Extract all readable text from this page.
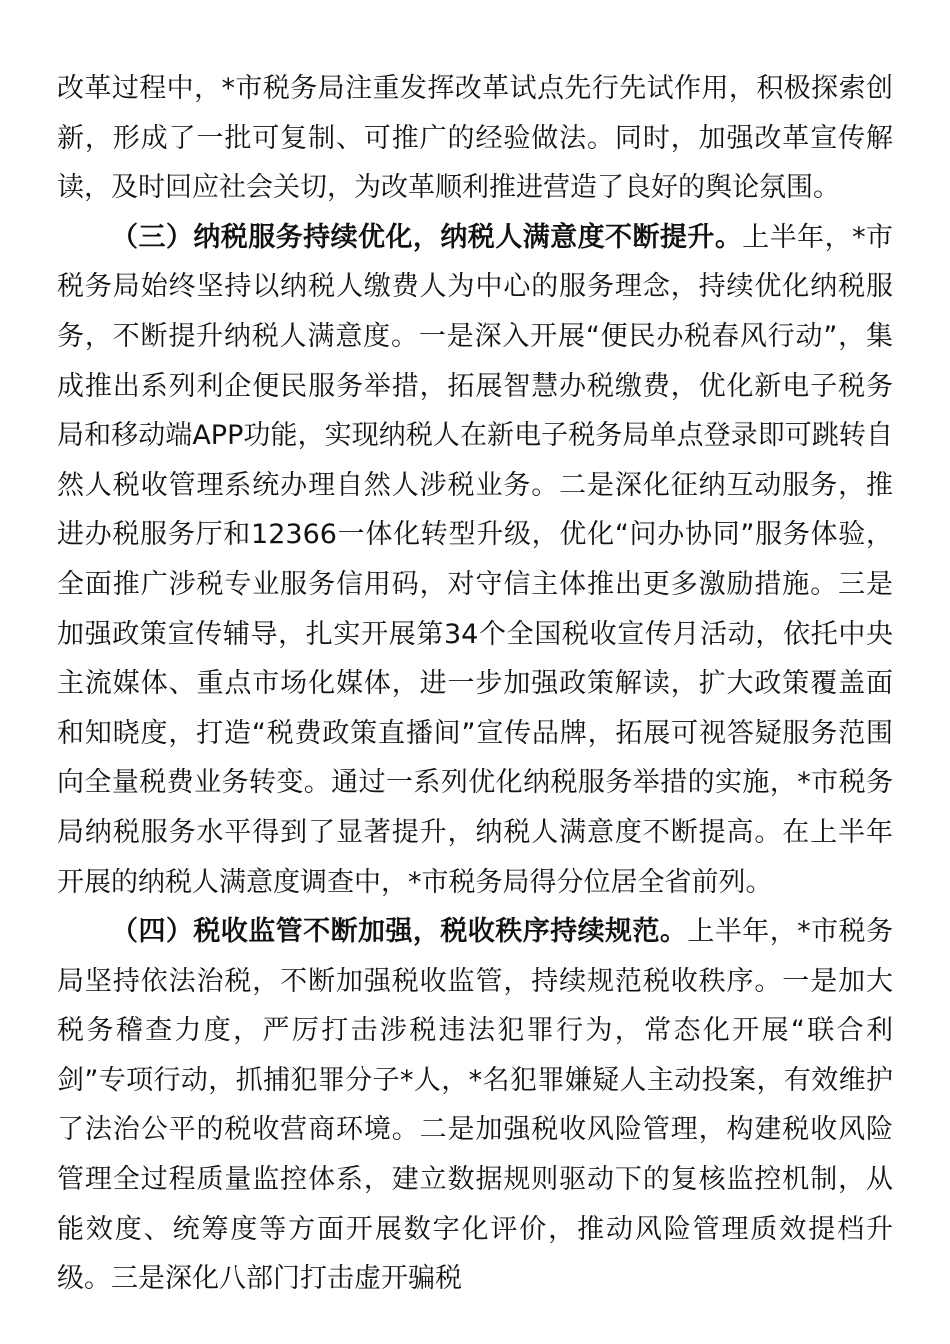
改革过程中，*市税务局注重发挥改革试点先行先试作用，积极探索创新，形成了一批可复制、可推广的经验做法。同时，加强改革宣传解读，及时回应社会关切，为改革顺利推进营造了良好的舆论氛围。

（三）纳税服务持续优化，纳税人满意度不断提升。上半年，*市税务局始终坚持以纳税人缴费人为中心的服务理念，持续优化纳税服务，不断提升纳税人满意度。一是深入开展“便民办税春风行动”，集成推出系列利企便民服务举措，拓展智慧办税缴费，优化新电子税务局和移动端APP功能，实现纳税人在新电子税务局单点登录即可跳转自然人税收管理系统办理自然人涉税业务。二是深化征纳互动服务，推进办税服务厅和12366一体化转型升级，优化“问办协同”服务体验，全面推广涉税专业服务信用码，对守信主体推出更多激励措施。三是加强政策宣传辅导，扎实开展第34个全国税收宣传月活动，依托中央主流媒体、重点市场化媒体，进一步加强政策解读，扩大政策覆盖面和知晓度，打造“税费政策直播间”宣传品牌，拓展可视答疑服务范围向全量税费业务转变。通过一系列优化纳税服务举措的实施，*市税务局纳税服务水平得到了显著提升，纳税人满意度不断提高。在上半年开展的纳税人满意度调查中，*市税务局得分位居全省前列。

（四）税收监管不断加强，税收秩序持续规范。上半年，*市税务局坚持依法治税，不断加强税收监管，持续规范税收秩序。一是加大税务稽查力度，严厉打击涉税违法犯罪行为，常态化开展“联合利剑”专项行动，抓捕犯罪分子*人，*名犯罪嫌疑人主动投案，有效维护了法治公平的税收营商环境。二是加强税收风险管理，构建税收风险管理全过程质量监控体系，建立数据规则驱动下的复核监控机制，从能效度、统筹度等方面开展数字化评价，推动风险管理质效提档升级。三是深化八部门打击虚开骗税
